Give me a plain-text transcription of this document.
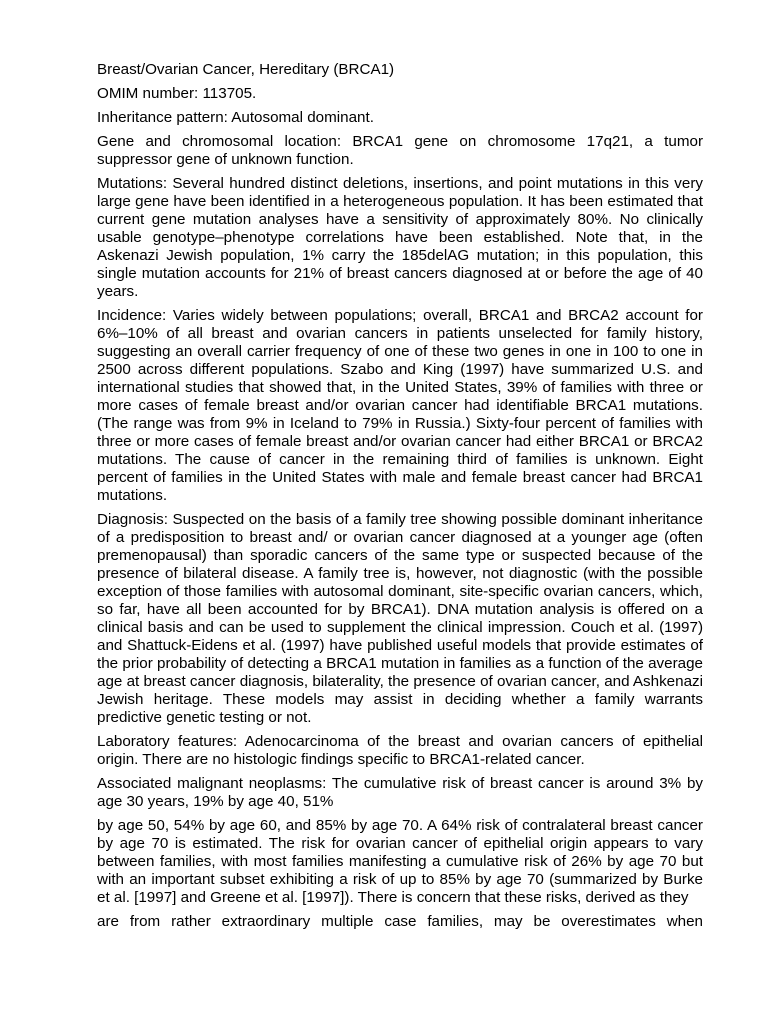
Breast/Ovarian Cancer, Hereditary (BRCA1)

OMIM number: 113705.

Inheritance pattern: Autosomal dominant.

Gene and chromosomal location: BRCA1 gene on chromosome 17q21, a tumor suppressor gene of unknown function.

Mutations: Several hundred distinct deletions, insertions, and point mutations in this very large gene have been identified in a heterogeneous population. It has been estimated that current gene mutation analyses have a sensitivity of approximately 80%. No clinically usable genotype–phenotype correlations have been established. Note that, in the Askenazi Jewish population, 1% carry the 185delAG mutation; in this population, this single mutation accounts for 21% of breast cancers diagnosed at or before the age of 40 years.

Incidence: Varies widely between populations; overall, BRCA1 and BRCA2 account for 6%–10% of all breast and ovarian cancers in patients unselected for family history, suggesting an overall carrier frequency of one of these two genes in one in 100 to one in 2500 across different populations. Szabo and King (1997) have summarized U.S. and international studies that showed that, in the United States, 39% of families with three or more cases of female breast and/or ovarian cancer had identifiable BRCA1 mutations. (The range was from 9% in Iceland to 79% in Russia.) Sixty-four percent of families with three or more cases of female breast and/or ovarian cancer had either BRCA1 or BRCA2 mutations. The cause of cancer in the remaining third of families is unknown. Eight percent of families in the United States with male and female breast cancer had BRCA1 mutations.

Diagnosis: Suspected on the basis of a family tree showing possible dominant inheritance of a predisposition to breast and/ or ovarian cancer diagnosed at a younger age (often premenopausal) than sporadic cancers of the same type or suspected because of the presence of bilateral disease. A family tree is, however, not diagnostic (with the possible exception of those families with autosomal dominant, site-specific ovarian cancers, which, so far, have all been accounted for by BRCA1). DNA mutation analysis is offered on a clinical basis and can be used to supplement the clinical impression. Couch et al. (1997) and Shattuck-Eidens et al. (1997) have published useful models that provide estimates of the prior probability of detecting a BRCA1 mutation in families as a function of the average age at breast cancer diagnosis, bilaterality, the presence of ovarian cancer, and Ashkenazi Jewish heritage. These models may assist in deciding whether a family warrants predictive genetic testing or not.

Laboratory features: Adenocarcinoma of the breast and ovarian cancers of epithelial origin. There are no histologic findings specific to BRCA1-related cancer.

Associated malignant neoplasms: The cumulative risk of breast cancer is around 3% by age 30 years, 19% by age 40, 51%

by age 50, 54% by age 60, and 85% by age 70. A 64% risk of contralateral breast cancer by age 70 is estimated. The risk for ovarian cancer of epithelial origin appears to vary between families, with most families manifesting a cumulative risk of 26% by age 70 but with an important subset exhibiting a risk of up to 85% by age 70 (summarized by Burke et al. [1997] and Greene et al. [1997]). There is concern that these risks, derived as they

are from rather extraordinary multiple case families, may be overestimates when
